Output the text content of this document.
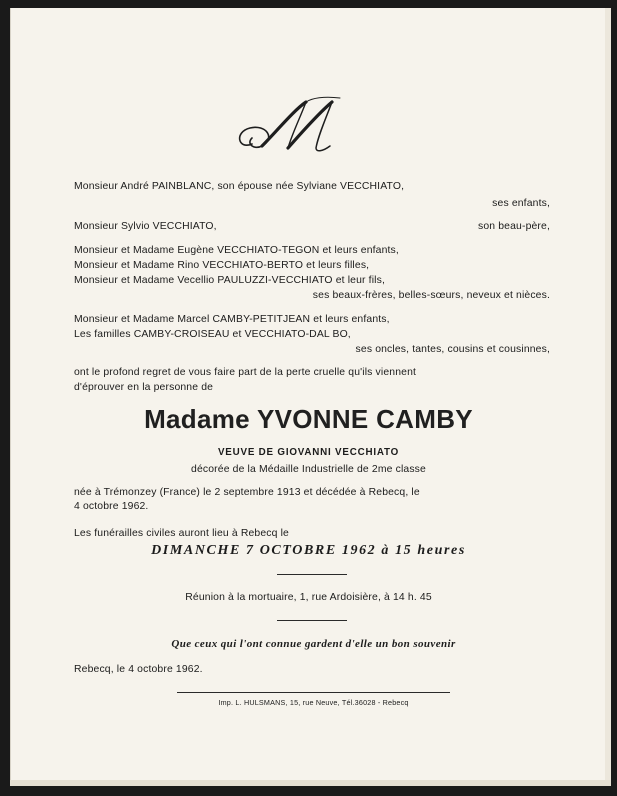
Monsieur André PAINBLANC, son épouse née Sylviane VECCHIATO,
ses enfants,
Monsieur Sylvio VECCHIATO,	son beau-père,
Monsieur et Madame Eugène VECCHIATO-TEGON et leurs enfants,
Monsieur et Madame Rino VECCHIATO-BERTO et leurs filles,
Monsieur et Madame Vecellio PAULUZZI-VECCHIATO et leur fils,
ses beaux-frères, belles-sœurs, neveux et nièces.
Monsieur et Madame Marcel CAMBY-PETITJEAN et leurs enfants,
Les familles CAMBY-CROISEAU et VECCHIATO-DAL BO,
ses oncles, tantes, cousins et cousinnes,
ont le profond regret de vous faire part de la perte cruelle qu'ils viennent
d'éprouver en la personne de
Madame YVONNE CAMBY
VEUVE DE GIOVANNI VECCHIATO
décorée de la Médaille Industrielle de 2me classe
née à Trémonzey (France) le 2 septembre 1913 et décédée à Rebecq, le
4 octobre 1962.
Les funérailles civiles auront lieu à Rebecq le
DIMANCHE 7 OCTOBRE 1962 à 15 heures
Réunion à la mortuaire, 1, rue Ardoisière, à 14 h. 45
Que ceux qui l'ont connue gardent d'elle un bon souvenir
Rebecq, le 4 octobre 1962.
Imp. L. HULSMANS, 15, rue Neuve, Tél.36028 - Rebecq
